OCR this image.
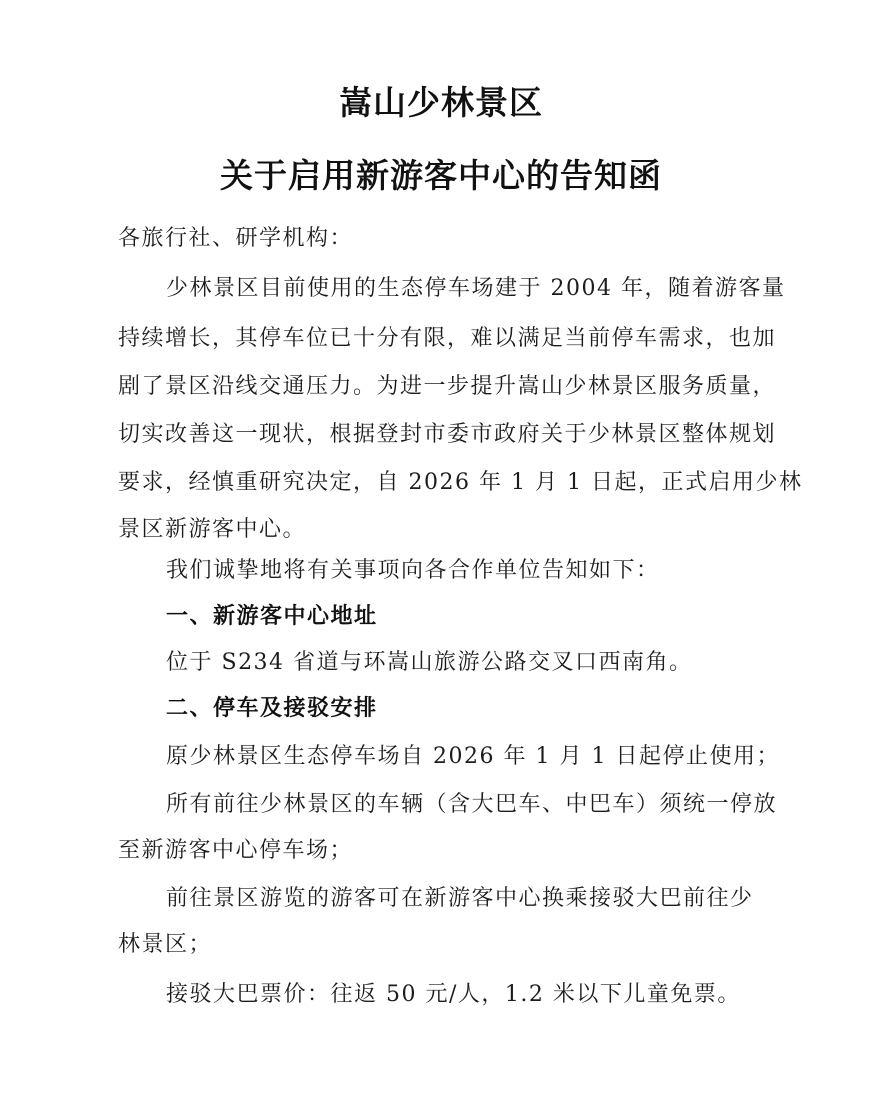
嵩山少林景区
关于启用新游客中心的告知函
各旅行社、研学机构：
少林景区目前使用的生态停车场建于 2004 年，随着游客量
持续增长，其停车位已十分有限，难以满足当前停车需求，也加
剧了景区沿线交通压力。为进一步提升嵩山少林景区服务质量，
切实改善这一现状，根据登封市委市政府关于少林景区整体规划
要求，经慎重研究决定，自 2026 年 1 月 1 日起，正式启用少林
景区新游客中心。
我们诚挚地将有关事项向各合作单位告知如下：
一、新游客中心地址
位于 S234 省道与环嵩山旅游公路交叉口西南角。
二、停车及接驳安排
原少林景区生态停车场自 2026 年 1 月 1 日起停止使用；
所有前往少林景区的车辆（含大巴车、中巴车）须统一停放
至新游客中心停车场；
前往景区游览的游客可在新游客中心换乘接驳大巴前往少
林景区；
接驳大巴票价：往返 50 元/人，1.2 米以下儿童免票。
